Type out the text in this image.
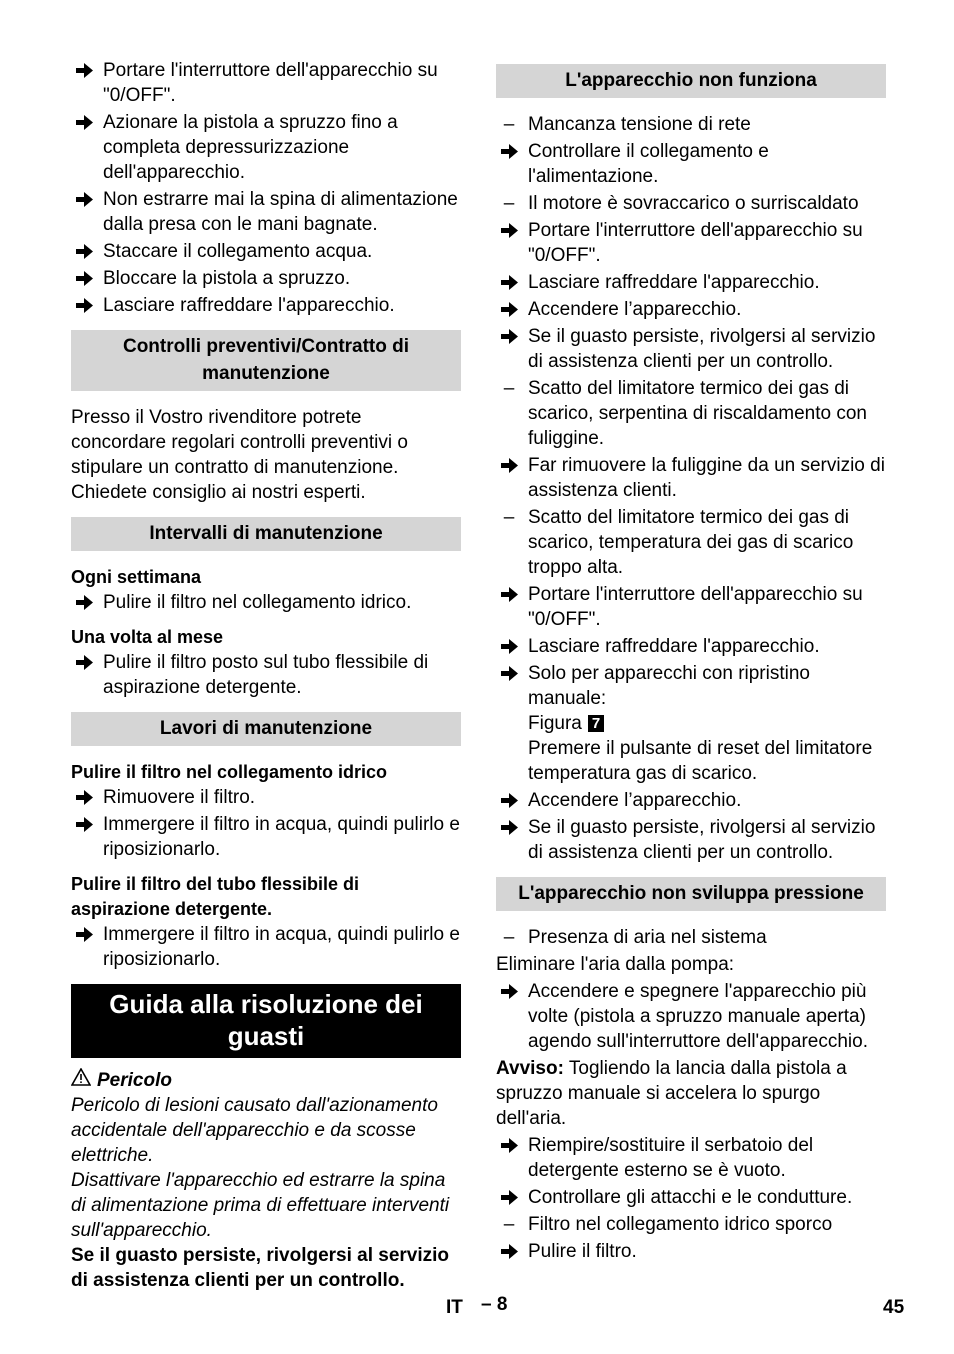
Portare l'interruttore dell'apparecchio su "0/OFF".
Azionare la pistola a spruzzo fino a completa depressurizzazione dell'apparecchio.
Non estrarre mai la spina di alimentazione dalla presa con le mani bagnate.
Staccare il collegamento acqua.
Bloccare la pistola a spruzzo.
Lasciare raffreddare l'apparecchio.
Controlli preventivi/Contratto di manutenzione
Presso il Vostro rivenditore potrete concordare regolari controlli preventivi o stipulare un contratto di manutenzione. Chiedete consiglio ai nostri esperti.
Intervalli di manutenzione
Ogni settimana
Pulire il filtro nel collegamento idrico.
Una volta al mese
Pulire il filtro posto sul tubo flessibile di aspirazione detergente.
Lavori di manutenzione
Pulire il filtro nel collegamento idrico
Rimuovere il filtro.
Immergere il filtro in acqua, quindi pulirlo e riposizionarlo.
Pulire il filtro del tubo flessibile di aspirazione detergente.
Immergere il filtro in acqua, quindi pulirlo e riposizionarlo.
Guida alla risoluzione dei guasti
Pericolo
Pericolo di lesioni causato dall'azionamento accidentale dell'apparecchio e da scosse elettriche.
Disattivare l'apparecchio ed estrarre la spina di alimentazione prima di effettuare interventi sull'apparecchio.
Se il guasto persiste, rivolgersi al servizio di assistenza clienti per un controllo.
L'apparecchio non funziona
– Mancanza tensione di rete
Controllare il collegamento e l'alimentazione.
– Il motore è sovraccarico o surriscaldato
Portare l'interruttore dell'apparecchio su "0/OFF".
Lasciare raffreddare l'apparecchio.
Accendere l’apparecchio.
Se il guasto persiste, rivolgersi al servizio di assistenza clienti per un controllo.
– Scatto del limitatore termico dei gas di scarico, serpentina di riscaldamento con fuliggine.
Far rimuovere la fuliggine da un servizio di assistenza clienti.
– Scatto del limitatore termico dei gas di scarico, temperatura dei gas di scarico troppo alta.
Portare l'interruttore dell'apparecchio su "0/OFF".
Lasciare raffreddare l'apparecchio.
Solo per apparecchi con ripristino manuale:
Figura 7
Premere il pulsante di reset del limitatore temperatura gas di scarico.
Accendere l’apparecchio.
Se il guasto persiste, rivolgersi al servizio di assistenza clienti per un controllo.
L'apparecchio non sviluppa pressione
– Presenza di aria nel sistema
Eliminare l'aria dalla pompa:
Accendere e spegnere l'apparecchio più volte (pistola a spruzzo manuale aperta) agendo sull'interruttore dell'apparecchio.
Avviso: Togliendo la lancia dalla pistola a spruzzo manuale si accelera lo spurgo dell'aria.
Riempire/sostituire il serbatoio del detergente esterno se è vuoto.
Controllare gli attacchi e le condutture.
– Filtro nel collegamento idrico sporco
Pulire il filtro.
IT – 8	45
